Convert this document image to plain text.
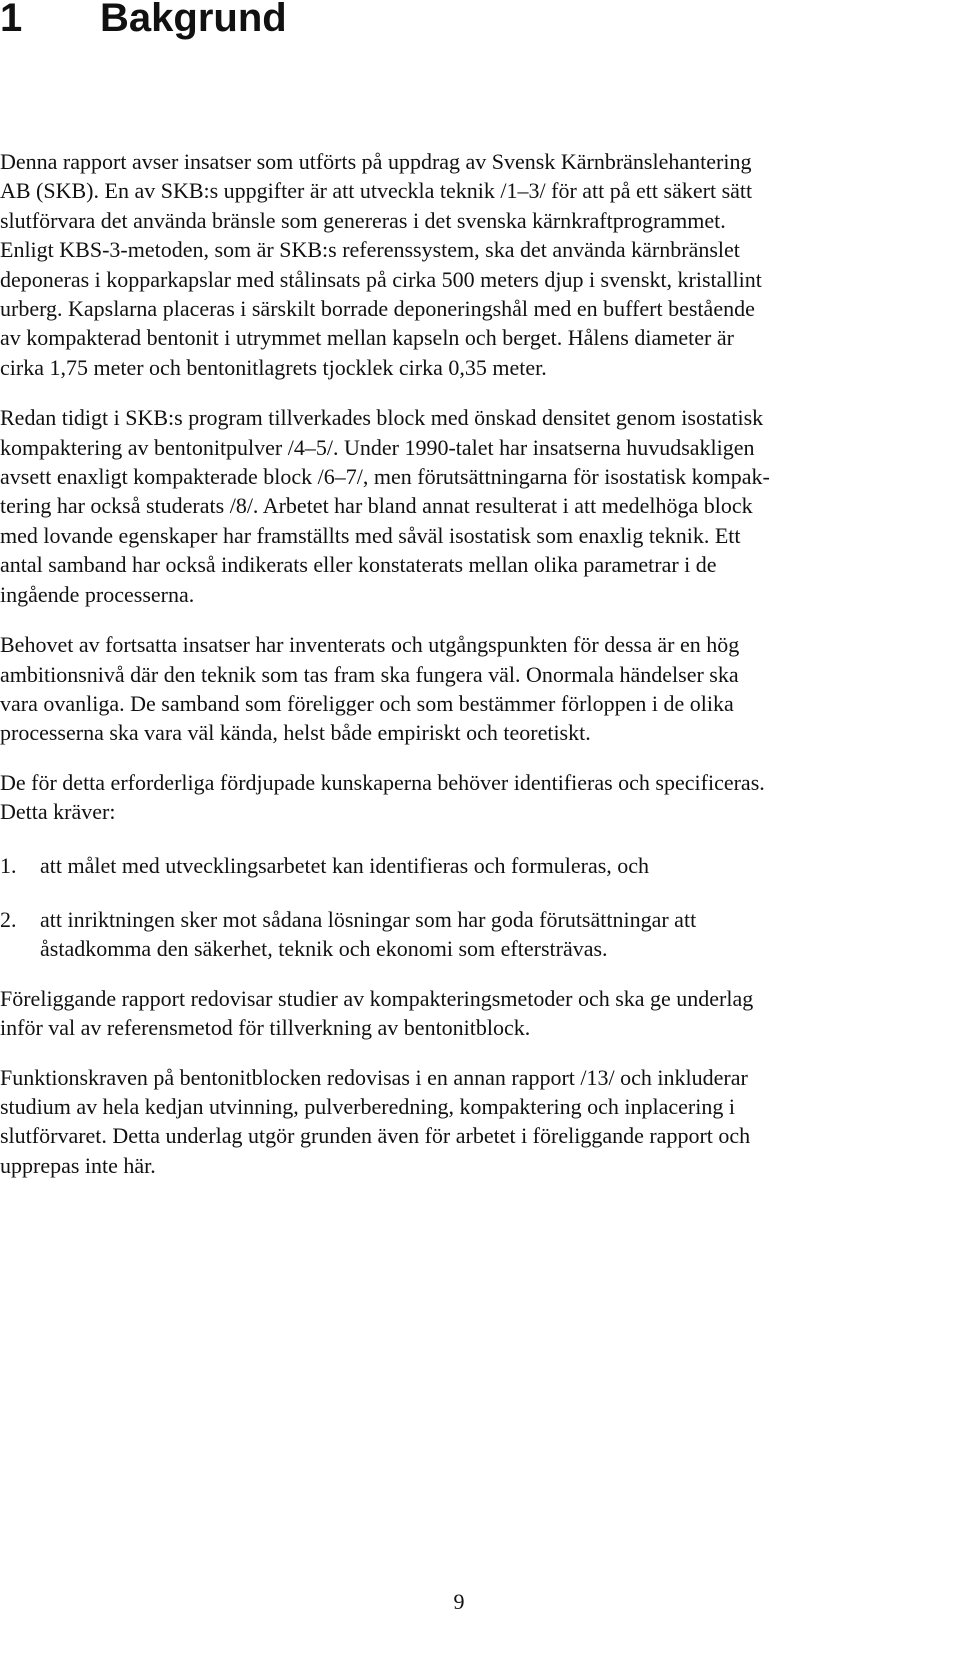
1 Bakgrund

Denna rapport avser insatser som utförts på uppdrag av Svensk Kärnbränslehantering
AB (SKB). En av SKB:s uppgifter är att utveckla teknik /1–3/ för att på ett säkert sätt
slutförvara det använda bränsle som genereras i det svenska kärnkraftprogrammet.
Enligt KBS-3-metoden, som är SKB:s referenssystem, ska det använda kärnbränslet
deponeras i kopparkapslar med stålinsats på cirka 500 meters djup i svenskt, kristallint
urberg. Kapslarna placeras i särskilt borrade deponeringshål med en buffert bestående
av kompakterad bentonit i utrymmet mellan kapseln och berget. Hålens diameter är
cirka 1,75 meter och bentonitlagrets tjocklek cirka 0,35 meter.

Redan tidigt i SKB:s program tillverkades block med önskad densitet genom isostatisk
kompaktering av bentonitpulver /4–5/. Under 1990-talet har insatserna huvudsakligen
avsett enaxligt kompakterade block /6–7/, men förutsättningarna för isostatisk kompak-
tering har också studerats /8/. Arbetet har bland annat resulterat i att medelhöga block
med lovande egenskaper har framställts med såväl isostatisk som enaxlig teknik. Ett
antal samband har också indikerats eller konstaterats mellan olika parametrar i de
ingående processerna.

Behovet av fortsatta insatser har inventerats och utgångspunkten för dessa är en hög
ambitionsnivå där den teknik som tas fram ska fungera väl. Onormala händelser ska
vara ovanliga. De samband som föreligger och som bestämmer förloppen i de olika
processerna ska vara väl kända, helst både empiriskt och teoretiskt.

De för detta erforderliga fördjupade kunskaperna behöver identifieras och specificeras.
Detta kräver:

1.	att målet med utvecklingsarbetet kan identifieras och formuleras, och
2.	att inriktningen sker mot sådana lösningar som har goda förutsättningar att
åstadkomma den säkerhet, teknik och ekonomi som eftersträvas.

Föreliggande rapport redovisar studier av kompakteringsmetoder och ska ge underlag
inför val av referensmetod för tillverkning av bentonitblock.

Funktionskraven på bentonitblocken redovisas i en annan rapport /13/ och inkluderar
studium av hela kedjan utvinning, pulverberedning, kompaktering och inplacering i
slutförvaret. Detta underlag utgör grunden även för arbetet i föreliggande rapport och
upprepas inte här.

9
